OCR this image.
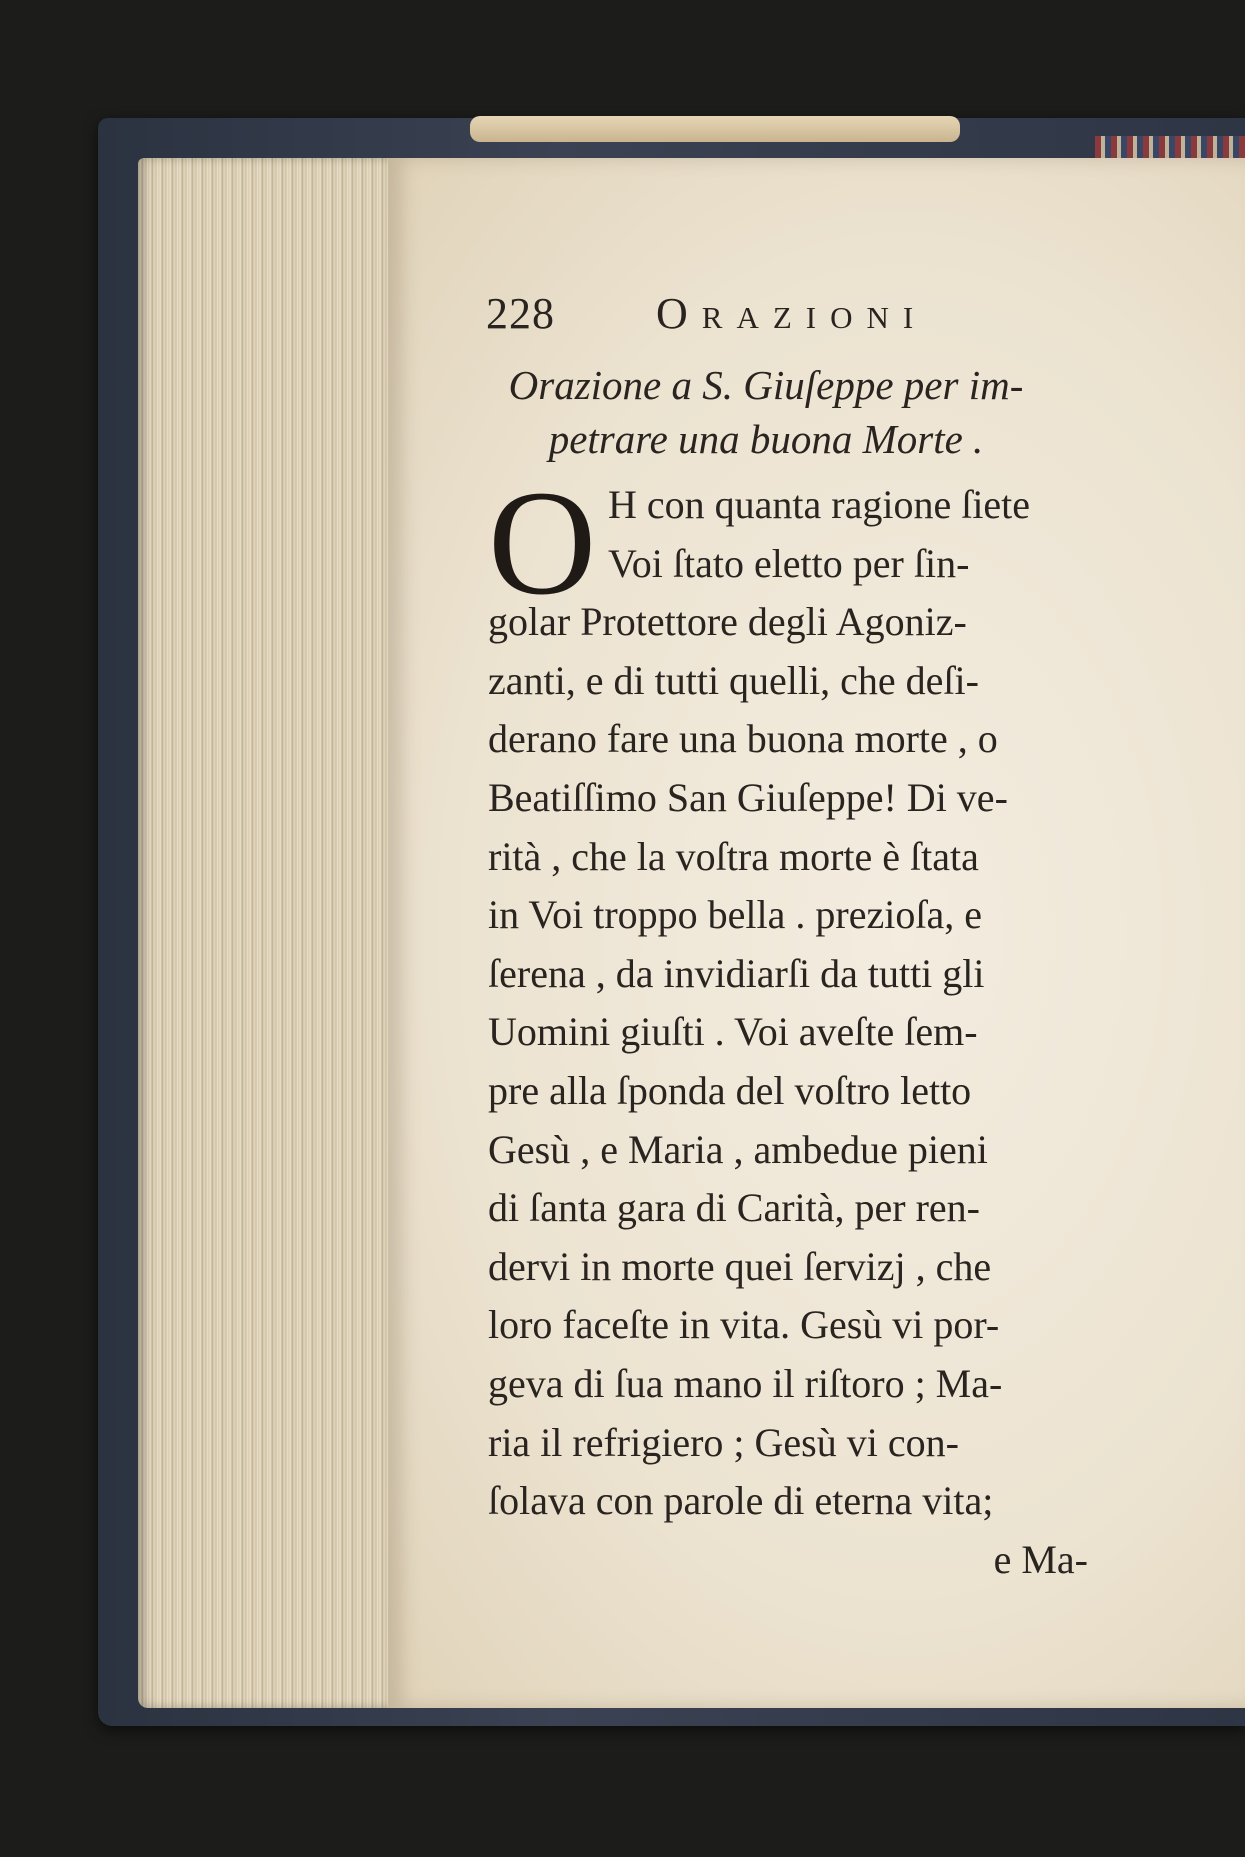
228 Orazioni
Orazione a S. Giuſeppe per im-
petrare una buona Morte .
O H con quanta ragione ſiete
Voi ſtato eletto per ſin-
golar Protettore degli Agoniz-
zanti, e di tutti quelli, che deſi-
derano fare una buona morte , o
Beatiſſimo San Giuſeppe! Di ve-
rità , che la voſtra morte è ſtata
in Voi troppo bella . prezioſa, e
ſerena , da invidiarſi da tutti gli
Uomini giuſti . Voi aveſte ſem-
pre alla ſponda del voſtro letto
Gesù , e Maria , ambedue pieni
di ſanta gara di Carità, per ren-
dervi in morte quei ſervizj , che
loro faceſte in vita. Gesù vi por-
geva di ſua mano il riſtoro ; Ma-
ria il refrigiero ; Gesù vi con-
ſolava con parole di eterna vita;
e Ma-
